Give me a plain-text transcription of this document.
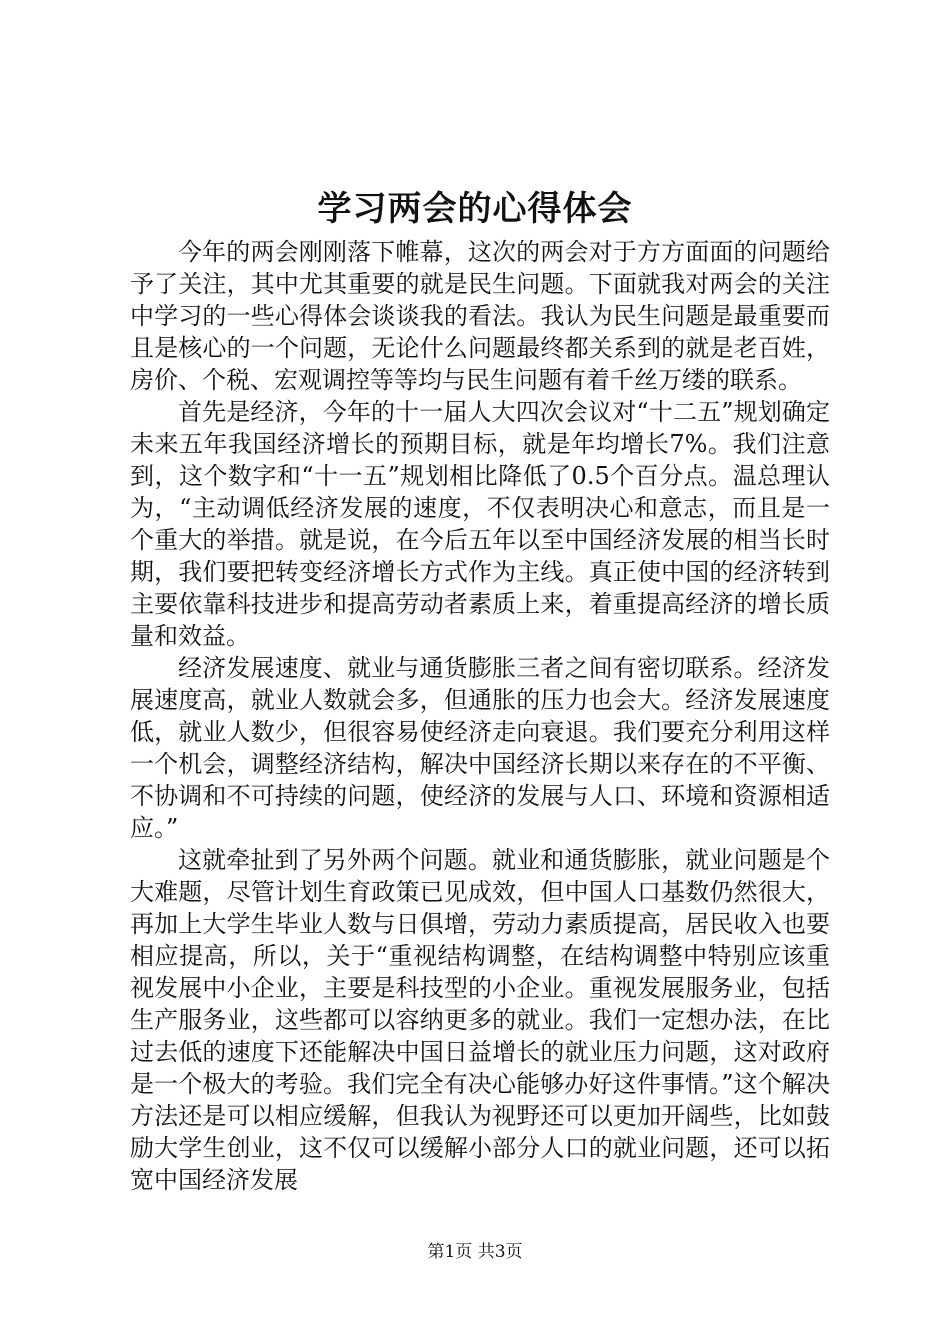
学习两会的心得体会

今年的两会刚刚落下帷幕，这次的两会对于方方面面的问题给予了关注，其中尤其重要的就是民生问题。下面就我对两会的关注中学习的一些心得体会谈谈我的看法。我认为民生问题是最重要而且是核心的一个问题，无论什么问题最终都关系到的就是老百姓，房价、个税、宏观调控等等均与民生问题有着千丝万缕的联系。

首先是经济，今年的十一届人大四次会议对“十二五”规划确定未来五年我国经济增长的预期目标，就是年均增长7%。我们注意到，这个数字和“十一五”规划相比降低了0.5个百分点。温总理认为，“主动调低经济发展的速度，不仅表明决心和意志，而且是一个重大的举措。就是说，在今后五年以至中国经济发展的相当长时期，我们要把转变经济增长方式作为主线。真正使中国的经济转到主要依靠科技进步和提高劳动者素质上来，着重提高经济的增长质量和效益。

经济发展速度、就业与通货膨胀三者之间有密切联系。经济发展速度高，就业人数就会多，但通胀的压力也会大。经济发展速度低，就业人数少，但很容易使经济走向衰退。我们要充分利用这样一个机会，调整经济结构，解决中国经济长期以来存在的不平衡、不协调和不可持续的问题，使经济的发展与人口、环境和资源相适应。”

这就牵扯到了另外两个问题。就业和通货膨胀，就业问题是个大难题，尽管计划生育政策已见成效，但中国人口基数仍然很大，再加上大学生毕业人数与日俱增，劳动力素质提高，居民收入也要相应提高，所以，关于“重视结构调整，在结构调整中特别应该重视发展中小企业，主要是科技型的小企业。重视发展服务业，包括生产服务业，这些都可以容纳更多的就业。我们一定想办法，在比过去低的速度下还能解决中国日益增长的就业压力问题，这对政府是一个极大的考验。我们完全有决心能够办好这件事情。”这个解决方法还是可以相应缓解，但我认为视野还可以更加开阔些，比如鼓励大学生创业，这不仅可以缓解小部分人口的就业问题，还可以拓宽中国经济发展

第1页 共3页
